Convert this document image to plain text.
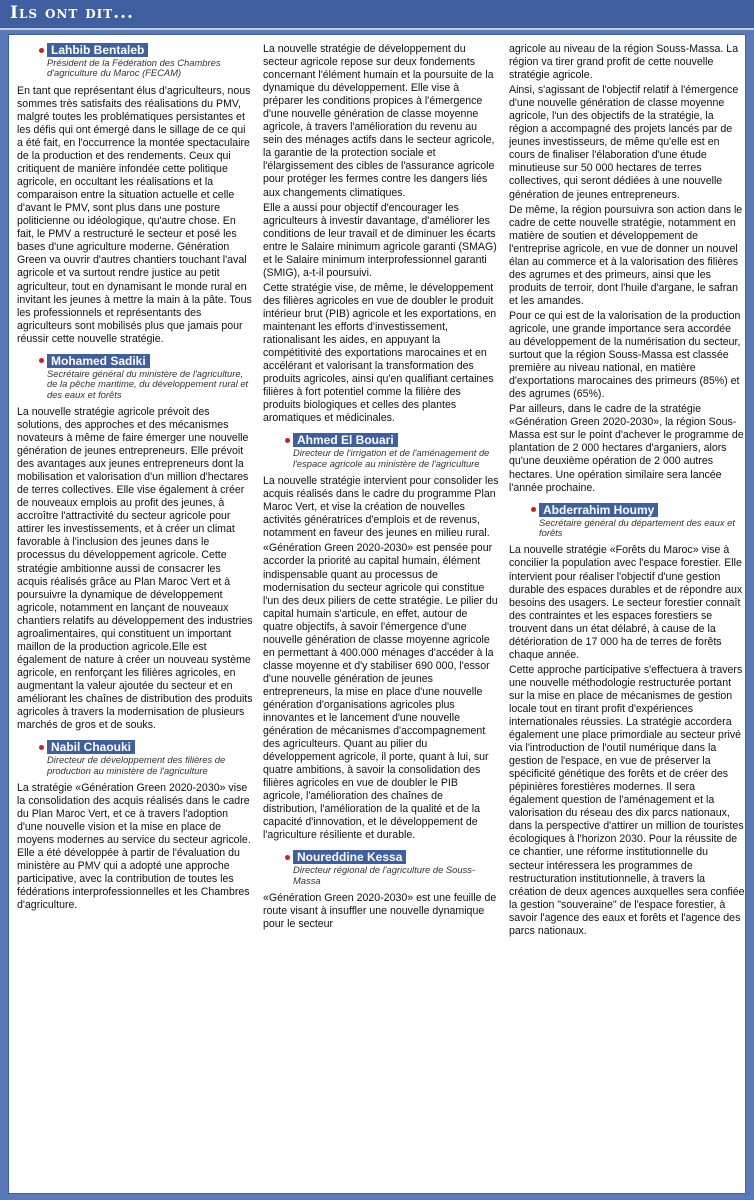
Ils ont dit...
Lahbib Bentaleb
Président de la Fédération des Chambres d'agriculture du Maroc (FECAM)

En tant que représentant élus d'agriculteurs, nous sommes très satisfaits des réalisations du PMV, malgré toutes les problématiques persistantes et les défis qui ont émergé dans le sillage de ce qui a été fait, en l'occurrence la montée spectaculaire de la production et des rendements. Ceux qui critiquent de manière infondée cette politique agricole, en occultant les réalisations et la comparaison entre la situation actuelle et celle d'avant le PMV, sont plus dans une posture politicienne ou idéologique, qu'autre chose. En fait, le PMV a restructuré le secteur et posé les bases d'une agriculture moderne. Génération Green va ouvrir d'autres chantiers touchant l'aval agricole et va surtout rendre justice au petit agriculteur, tout en dynamisant le monde rural en invitant les jeunes à mettre la main à la pâte. Tous les professionnels et représentants des agriculteurs sont mobilisés plus que jamais pour réussir cette nouvelle stratégie.

Mohamed Sadiki
Secrétaire général du ministère de l'agriculture, de la pêche maritime, du développement rural et des eaux et forêts

La nouvelle stratégie agricole prévoit des solutions, des approches et des mécanismes novateurs à même de faire émerger une nouvelle génération de jeunes entrepreneurs. Elle prévoit des avantages aux jeunes entrepreneurs dont la mobilisation et valorisation d'un million d'hectares de terres collectives. Elle vise également à créer de nouveaux emplois au profit des jeunes, à accroître l'attractivité du secteur agricole pour attirer les investissements, et à créer un climat favorable à l'inclusion des jeunes dans le processus du développement agricole. Cette stratégie ambitionne aussi de consacrer les acquis réalisés grâce au Plan Maroc Vert et à poursuivre la dynamique de développement agricole, notamment en lançant de nouveaux chantiers relatifs au développement des industries agroalimentaires, qui constituent un important maillon de la production agricole.Elle est également de nature à créer un nouveau système agricole, en renforçant les filières agricoles, en augmentant la valeur ajoutée du secteur et en améliorant les chaînes de distribution des produits agricoles à travers la modernisation de plusieurs marchés de gros et de souks.

Nabil Chaouki
Directeur de développement des filières de production au ministère de l'agriculture

La stratégie «Génération Green 2020-2030» vise la consolidation des acquis réalisés dans le cadre du Plan Maroc Vert, et ce à travers l'adoption d'une nouvelle vision et la mise en place de moyens modernes au service du secteur agricole. Elle a été développée à partir de l'évaluation du ministère au PMV qui a adopté une approche participative, avec la contribution de toutes les fédérations interprofessionnelles et les Chambres d'agriculture.

La nouvelle stratégie de développement du secteur agricole repose sur deux fondements concernant l'élément humain et la poursuite de la dynamique du développement. Elle vise à préparer les conditions propices à l'émergence d'une nouvelle génération de classe moyenne agricole, à travers l'amélioration du revenu au sein des ménages actifs dans le secteur agricole, la garantie de la protection sociale et l'élargissement des cibles de l'assurance agricole pour protéger les fermes contre les dangers liés aux changements climatiques.

Elle a aussi pour objectif d'encourager les agriculteurs à investir davantage, d'améliorer les conditions de leur travail et de diminuer les écarts entre le Salaire minimum agricole garanti (SMAG) et le Salaire minimum interprofessionnel garanti (SMIG), a-t-il poursuivi.

Cette stratégie vise, de même, le développement des filières agricoles en vue de doubler le produit intérieur brut (PIB) agricole et les exportations, en maintenant les efforts d'investissement, rationalisant les aides, en appuyant la compétitivité des exportations marocaines et en accélérant et valorisant la transformation des produits agricoles, ainsi qu'en qualifiant certaines filières à fort potentiel comme la filière des produits biologiques et celles des plantes aromatiques et médicinales.

Ahmed El Bouari
Directeur de l'irrigation et de l'aménagement de l'espace agricole au ministère de l'agriculture

La nouvelle stratégie intervient pour consolider les acquis réalisés dans le cadre du programme Plan Maroc Vert, et vise la création de nouvelles activités génératrices d'emplois et de revenus, notamment en faveur des jeunes en milieu rural.

«Génération Green 2020-2030» est pensée pour accorder la priorité au capital humain, élément indispensable quant au processus de modernisation du secteur agricole qui constitue l'un des deux piliers de cette stratégie. Le pilier du capital humain s'articule, en effet, autour de quatre objectifs, à savoir l'émergence d'une nouvelle génération de classe moyenne agricole en permettant à 400.000 ménages d'accéder à la classe moyenne et d'y stabiliser 690 000, l'essor d'une nouvelle génération de jeunes entrepreneurs, la mise en place d'une nouvelle génération d'organisations agricoles plus innovantes et le lancement d'une nouvelle génération de mécanismes d'accompagnement des agriculteurs. Quant au pilier du développement agricole, il porte, quant à lui, sur quatre ambitions, à savoir la consolidation des filières agricoles en vue de doubler le PIB agricole, l'amélioration des chaînes de distribution, l'amélioration de la qualité et de la capacité d'innovation, et le développement de l'agriculture résiliente et durable.

Noureddine Kessa
Directeur régional de l'agriculture de Souss-Massa

«Génération Green 2020-2030» est une feuille de route visant à insuffler une nouvelle dynamique pour le secteur

agricole au niveau de la région Souss-Massa. La région va tirer grand profit de cette nouvelle stratégie agricole.

Ainsi, s'agissant de l'objectif relatif à l'émergence d'une nouvelle génération de classe moyenne agricole, l'un des objectifs de la stratégie, la région a accompagné des projets lancés par de jeunes investisseurs, de même qu'elle est en cours de finaliser l'élaboration d'une étude minutieuse sur 50 000 hectares de terres collectives, qui seront dédiées à une nouvelle génération de jeunes entrepreneurs.

De même, la région poursuivra son action dans le cadre de cette nouvelle stratégie, notamment en matière de soutien et développement de l'entreprise agricole, en vue de donner un nouvel élan au commerce et à la valorisation des filières des agrumes et des primeurs, ainsi que les produits de terroir, dont l'huile d'argane, le safran et les amandes.

Pour ce qui est de la valorisation de la production agricole, une grande importance sera accordée au développement de la numérisation du secteur, surtout que la région Souss-Massa est classée première au niveau national, en matière d'exportations marocaines des primeurs (85%) et des agrumes (65%).

Par ailleurs, dans le cadre de la stratégie «Génération Green 2020-2030», la région Sous-Massa est sur le point d'achever le programme de plantation de 2 000 hectares d'arganiers, alors qu'une deuxième opération de 2 000 autres hectares. Une opération similaire sera lancée l'année prochaine.

Abderrahim Houmy
Secrétaire général du département des eaux et forêts

La nouvelle stratégie «Forêts du Maroc» vise à concilier la population avec l'espace forestier. Elle intervient pour réaliser l'objectif d'une gestion durable des espaces durables et de répondre aux besoins des usagers. Le secteur forestier connaît des contraintes et les espaces forestiers se trouvent dans un état délabré, à cause de la détérioration de 17 000 ha de terres de forêts chaque année.

Cette approche participative s'effectuera à travers une nouvelle méthodologie restructurée portant sur la mise en place de mécanismes de gestion locale tout en tirant profit d'expériences internationales réussies. La stratégie accordera également une place primordiale au secteur privé via l'introduction de l'outil numérique dans la gestion de l'espace, en vue de préserver la spécificité génétique des forêts et de créer des pépinières forestières modernes. Il sera également question de l'aménagement et la valorisation du réseau des dix parcs nationaux, dans la perspective d'attirer un million de touristes écologiques à l'horizon 2030. Pour la réussite de ce chantier, une réforme institutionnelle du secteur intéressera les programmes de restructuration institutionnelle, à travers la création de deux agences auxquelles sera confiée la gestion "souveraine" de l'espace forestier, à savoir l'agence des eaux et forêts et l'agence des parcs nationaux.
